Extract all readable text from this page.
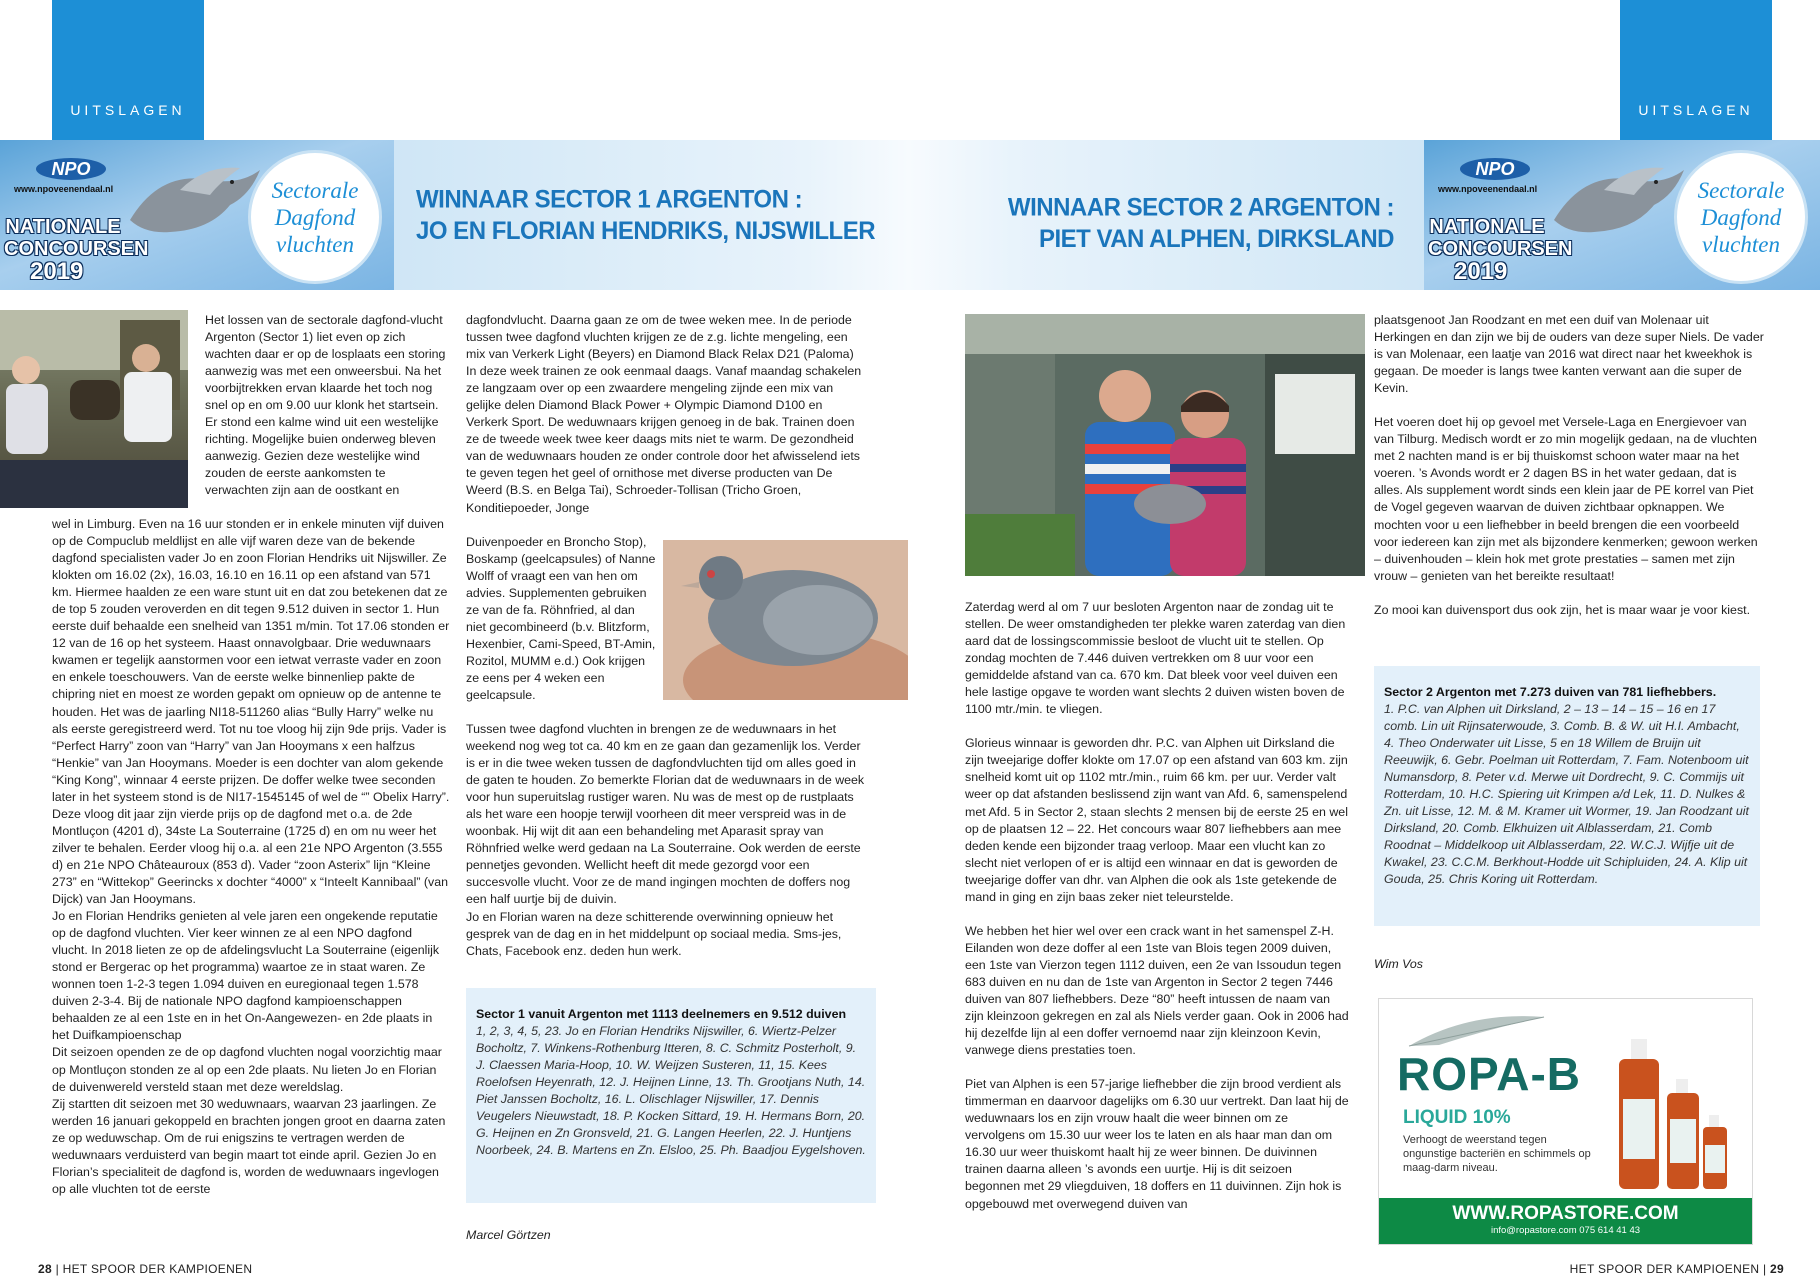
UITSLAGEN	UITSLAGEN
NPO
www.npoveenendaal.nl
NATIONALE
CONCOURSEN
2019
Sectorale
Dagfond
vluchten
NPO
www.npoveenendaal.nl
NATIONALE
CONCOURSEN
2019
Sectorale
Dagfond
vluchten
WINNAAR SECTOR 1 ARGENTON :
JO EN FLORIAN HENDRIKS, NIJSWILLER
WINNAAR SECTOR 2 ARGENTON :
PIET VAN ALPHEN, DIRKSLAND

Het lossen van de sectorale dagfond-vlucht Argenton (Sector 1) liet even op zich wachten daar er op de losplaats een storing aanwezig was met een onweersbui. Na het voorbijtrekken ervan klaarde het toch nog snel op en om 9.00 uur klonk het startsein. Er stond een kalme wind uit een westelijke richting. Mogelijke buien onderweg bleven aanwezig. Gezien deze westelijke wind zouden de eerste aankomsten te verwachten zijn aan de oostkant en

wel in Limburg. Even na 16 uur stonden er in enkele minuten vijf duiven op de Compuclub meldlijst en alle vijf waren deze van de bekende dagfond specialisten vader Jo en zoon Florian Hendriks uit Nijswiller. Ze klokten om 16.02 (2x), 16.03, 16.10 en 16.11 op een afstand van 571 km. Hiermee haalden ze een ware stunt uit en dat zou betekenen dat ze de top 5 zouden veroverden en dit tegen 9.512 duiven in sector 1. Hun eerste duif behaalde een snelheid van 1351 m/min. Tot 17.06 stonden er 12 van de 16 op het systeem. Haast onnavolgbaar. Drie weduwnaars kwamen er tegelijk aanstormen voor een ietwat verraste vader en zoon en enkele toeschouwers. Van de eerste welke binnenliep pakte de chipring niet en moest ze worden gepakt om opnieuw op de antenne te houden. Het was de jaarling NI18-511260 alias “Bully Harry” welke nu als eerste geregistreerd werd. Tot nu toe vloog hij zijn 9de prijs. Vader is “Perfect Harry” zoon van “Harry” van Jan Hooymans x een halfzus “Henkie” van Jan Hooymans. Moeder is een dochter van alom gekende “King Kong”, winnaar 4 eerste prijzen. De doffer welke twee seconden later in het systeem stond is de NI17-1545145 of wel de “” Obelix Harry”. Deze vloog dit jaar zijn vierde prijs op de dagfond met o.a. de 2de Montluçon (4201 d), 34ste La Souterraine (1725 d) en om nu weer het zilver te behalen. Eerder vloog hij o.a. al een 21e NPO Argenton (3.555 d) en 21e NPO Châteauroux (853 d). Vader “zoon Asterix” lijn “Kleine 273” en “Wittekop” Geerincks x dochter “4000” x “Inteelt Kannibaal” (van Dijck) van Jan Hooymans.

Jo en Florian Hendriks genieten al vele jaren een ongekende reputatie op de dagfond vluchten. Vier keer winnen ze al een NPO dagfond vlucht. In 2018 lieten ze op de afdelingsvlucht La Souterraine (eigenlijk stond er Bergerac op het programma) waartoe ze in staat waren. Ze wonnen toen 1-2-3 tegen 1.094 duiven en euregionaal tegen 1.578 duiven 2-3-4. Bij de nationale NPO dagfond kampioenschappen behaalden ze al een 1ste en in het On-Aangewezen- en 2de plaats in het Duifkampioenschap

Dit seizoen openden ze de op dagfond vluchten nogal voorzichtig maar op Montluçon stonden ze al op een 2de plaats. Nu lieten Jo en Florian de duivenwereld versteld staan met deze wereldslag.

Zij startten dit seizoen met 30 weduwnaars, waarvan 23 jaarlingen. Ze werden 16 januari gekoppeld en brachten jongen groot en daarna zaten ze op weduwschap. Om de rui enigszins te vertragen werden de weduwnaars verduisterd van begin maart tot einde april. Gezien Jo en Florian’s specialiteit de dagfond is, worden de weduwnaars ingevlogen op alle vluchten tot de eerste

dagfondvlucht. Daarna gaan ze om de twee weken mee. In de periode tussen twee dagfond vluchten krijgen ze de z.g. lichte mengeling, een mix van Verkerk Light (Beyers) en Diamond Black Relax D21 (Paloma)

In deze week trainen ze ook eenmaal daags. Vanaf maandag schakelen ze langzaam over op een zwaardere mengeling zijnde een mix van gelijke delen Diamond Black Power + Olympic Diamond D100 en Verkerk Sport. De weduwnaars krijgen genoeg in de bak. Trainen doen ze de tweede week twee keer daags mits niet te warm. De gezondheid van de weduwnaars houden ze onder controle door het afwisselend iets te geven tegen het geel of ornithose met diverse producten van De Weerd (B.S. en Belga Tai), Schroeder-Tollisan (Tricho Groen, Konditiepoeder, Jonge

Duivenpoeder en Broncho Stop), Boskamp (geelcapsules) of Nanne Wolff of vraagt een van hen om advies. Supplementen gebruiken ze van de fa. Röhnfried, al dan niet gecombineerd (b.v. Blitzform, Hexenbier, Cami-Speed, BT-Amin, Rozitol, MUMM e.d.) Ook krijgen ze eens per 4 weken een geelcapsule.

Tussen twee dagfond vluchten in brengen ze de weduwnaars in het weekend nog weg tot ca. 40 km en ze gaan dan gezamenlijk los. Verder is er in die twee weken tussen de dagfondvluchten tijd om alles goed in de gaten te houden. Zo bemerkte Florian dat de weduwnaars in de week voor hun superuitslag rustiger waren. Nu was de mest op de rustplaats als het ware een hoopje terwijl voorheen dit meer verspreid was in de woonbak. Hij wijt dit aan een behandeling met Aparasit spray van Röhnfried welke werd gedaan na La Souterraine. Ook werden de eerste pennetjes gevonden. Wellicht heeft dit mede gezorgd voor een succesvolle vlucht. Voor ze de mand ingingen mochten de doffers nog een half uurtje bij de duivin.

Jo en Florian waren na deze schitterende overwinning opnieuw het gesprek van de dag en in het middelpunt op sociaal media. Sms-jes, Chats, Facebook enz. deden hun werk.

Sector 1 vanuit Argenton met 1113 deelnemers en 9.512 duiven
1, 2, 3, 4, 5, 23. Jo en Florian Hendriks Nijswiller, 6. Wiertz-Pelzer Bocholtz, 7. Winkens-Rothenburg Itteren, 8. C. Schmitz Posterholt, 9. J. Claessen Maria-Hoop, 10. W. Weijzen Susteren, 11, 15. Kees Roelofsen Heyenrath, 12. J. Heijnen Linne, 13. Th. Grootjans Nuth, 14. Piet Janssen Bocholtz, 16. L. Olischlager Nijswiller, 17. Dennis Veugelers Nieuwstadt, 18. P. Kocken Sittard, 19. H. Hermans Born, 20. G. Heijnen en Zn Gronsveld, 21. G. Langen Heerlen, 22. J. Huntjens Noorbeek, 24. B. Martens en Zn. Elsloo, 25. Ph. Baadjou Eygelshoven.
Marcel Görtzen

Zaterdag werd al om 7 uur besloten Argenton naar de zondag uit te stellen. De weer omstandigheden ter plekke waren zaterdag van dien aard dat de lossingscommissie besloot de vlucht uit te stellen. Op zondag mochten de 7.446 duiven vertrekken om 8 uur voor een gemiddelde afstand van ca. 670 km. Dat bleek voor veel duiven een hele lastige opgave te worden want slechts 2 duiven wisten boven de 1100 mtr./min. te vliegen.

Glorieus winnaar is geworden dhr. P.C. van Alphen uit Dirksland die zijn tweejarige doffer klokte om 17.07 op een afstand van 603 km. zijn snelheid komt uit op 1102 mtr./min., ruim 66 km. per uur. Verder valt weer op dat afstanden beslissend zijn want van Afd. 6, samenspelend met Afd. 5 in Sector 2, staan slechts 2 mensen bij de eerste 25 en wel op de plaatsen 12 – 22. Het concours waar 807 liefhebbers aan mee deden kende een bijzonder traag verloop. Maar een vlucht kan zo slecht niet verlopen of er is altijd een winnaar en dat is geworden de tweejarige doffer van dhr. van Alphen die ook als 1ste getekende de mand in ging en zijn baas zeker niet teleurstelde.

We hebben het hier wel over een crack want in het samenspel Z-H. Eilanden won deze doffer al een 1ste van Blois tegen 2009 duiven, een 1ste van Vierzon tegen 1112 duiven, een 2e van Issoudun tegen 683 duiven en nu dan de 1ste van Argenton in Sector 2 tegen 7446 duiven van 807 liefhebbers. Deze “80” heeft intussen de naam van zijn kleinzoon gekregen en zal als Niels verder gaan. Ook in 2006 had hij dezelfde lijn al een doffer vernoemd naar zijn kleinzoon Kevin, vanwege diens prestaties toen.

Piet van Alphen is een 57-jarige liefhebber die zijn brood verdient als timmerman en daarvoor dagelijks om 6.30 uur vertrekt. Dan laat hij de weduwnaars los en zijn vrouw haalt die weer binnen om ze vervolgens om 15.30 uur weer los te laten en als haar man dan om 16.30 uur weer thuiskomt haalt hij ze weer binnen. De duivinnen trainen daarna alleen ’s avonds een uurtje. Hij is dit seizoen begonnen met 29 vliegduiven, 18 doffers en 11 duivinnen. Zijn hok is opgebouwd met overwegend duiven van

plaatsgenoot Jan Roodzant en met een duif van Molenaar uit Herkingen en dan zijn we bij de ouders van deze super Niels. De vader is van Molenaar, een laatje van 2016 wat direct naar het kweekhok is gegaan. De moeder is langs twee kanten verwant aan die super de Kevin.

Het voeren doet hij op gevoel met Versele-Laga en Energievoer van van Tilburg. Medisch wordt er zo min mogelijk gedaan, na de vluchten met 2 nachten mand is er bij thuiskomst schoon water maar na het voeren. ’s Avonds wordt er 2 dagen BS in het water gedaan, dat is alles. Als supplement wordt sinds een klein jaar de PE korrel van Piet de Vogel gegeven waarvan de duiven zichtbaar opknappen. We mochten voor u een liefhebber in beeld brengen die een voorbeeld voor iedereen kan zijn met als bijzondere kenmerken; gewoon werken – duivenhouden – klein hok met grote prestaties – samen met zijn vrouw – genieten van het bereikte resultaat!

Zo mooi kan duivensport dus ook zijn, het is maar waar je voor kiest.

Sector 2 Argenton met 7.273 duiven van 781 liefhebbers.
1. P.C. van Alphen uit Dirksland, 2 – 13 – 14 – 15 – 16 en 17 comb. Lin uit Rijnsaterwoude, 3. Comb. B. & W. uit H.I. Ambacht, 4. Theo Onderwater uit Lisse, 5 en 18 Willem de Bruijn uit Reeuwijk, 6. Gebr. Poelman uit Rotterdam, 7. Fam. Notenboom uit Numansdorp, 8. Peter v.d. Merwe uit Dordrecht, 9. C. Commijs uit Rotterdam, 10. H.C. Spiering uit Krimpen a/d Lek, 11. D. Nulkes & Zn. uit Lisse, 12. M. & M. Kramer uit Wormer, 19. Jan Roodzant uit Dirksland, 20. Comb. Elkhuizen uit Alblasserdam, 21. Comb Roodnat – Middelkoop uit Alblasserdam, 22. W.C.J. Wijfje uit de Kwakel, 23. C.C.M. Berkhout-Hodde uit Schipluiden, 24. A. Klip uit Gouda, 25. Chris Koring uit Rotterdam.
Wim Vos
ROPA-B
LIQUID 10%
Verhoogt de weerstand tegen ongunstige bacteriën en schimmels op maag-darm niveau.
WWW.ROPASTORE.COM
info@ropastore.com 075 614 41 43
28 | HET SPOOR DER KAMPIOENEN	HET SPOOR DER KAMPIOENEN | 29
